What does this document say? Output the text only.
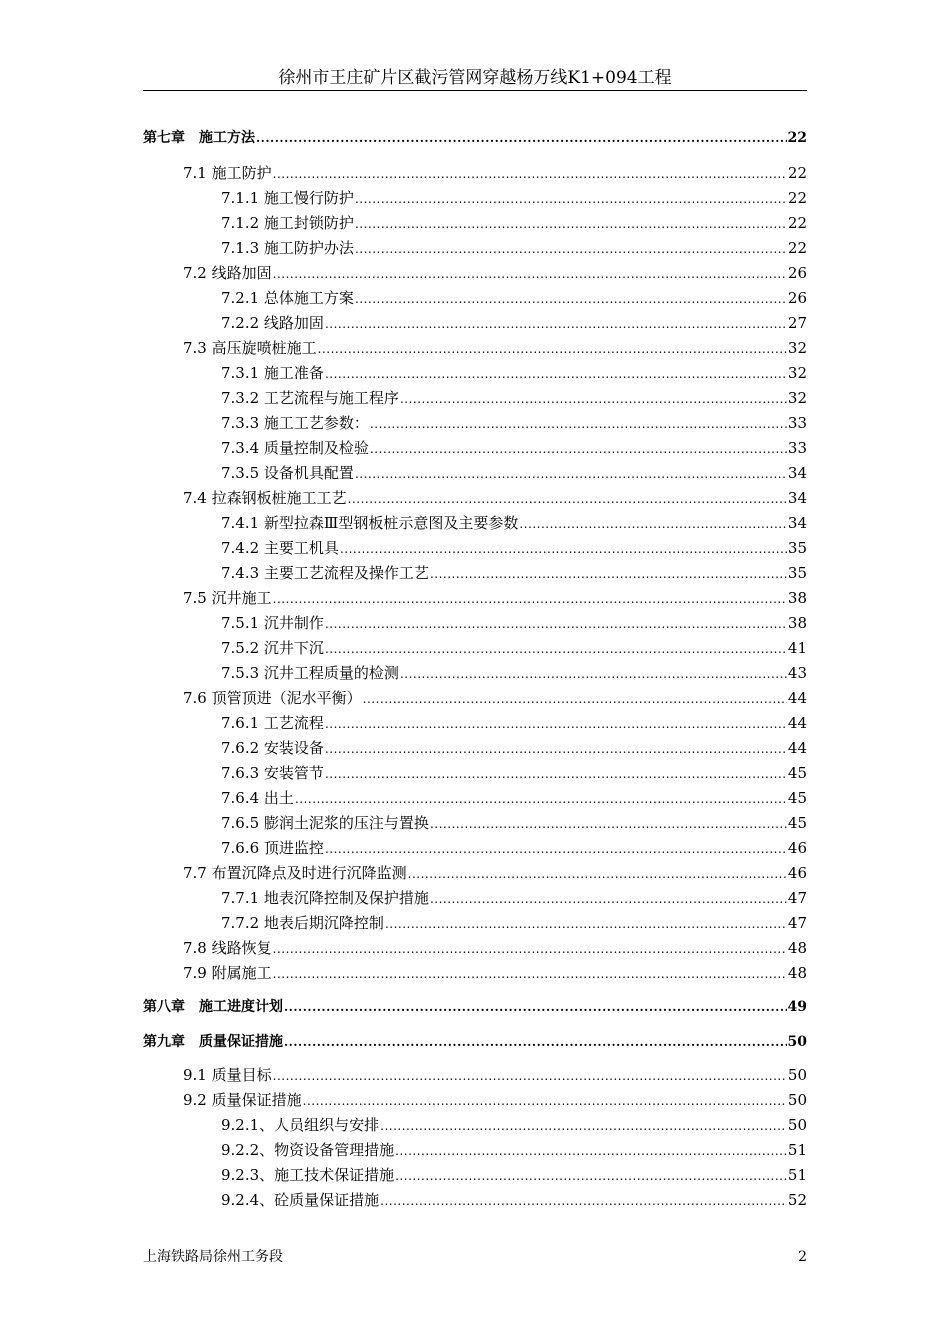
徐州市王庄矿片区截污管网穿越杨万线K1+094工程
第七章　施工方法 .....	22
7.1 施工防护 .....	22
7.1.1 施工慢行防护 .....	22
7.1.2 施工封锁防护 .....	22
7.1.3 施工防护办法 .....	22
7.2 线路加固 .....	26
7.2.1 总体施工方案 .....	26
7.2.2 线路加固 .....	27
7.3 高压旋喷桩施工 .....	32
7.3.1 施工准备 .....	32
7.3.2 工艺流程与施工程序 .....	32
7.3.3 施工工艺参数： .....	33
7.3.4 质量控制及检验 .....	33
7.3.5 设备机具配置 .....	34
7.4 拉森钢板桩施工工艺 .....	34
7.4.1 新型拉森Ⅲ型钢板桩示意图及主要参数 .....	34
7.4.2 主要工机具 .....	35
7.4.3 主要工艺流程及操作工艺 .....	35
7.5 沉井施工 .....	38
7.5.1 沉井制作 .....	38
7.5.2 沉井下沉 .....	41
7.5.3 沉井工程质量的检测 .....	43
7.6 顶管顶进（泥水平衡） .....	44
7.6.1 工艺流程 .....	44
7.6.2 安装设备 .....	44
7.6.3 安装管节 .....	45
7.6.4 出土 .....	45
7.6.5 膨润土泥浆的压注与置换 .....	45
7.6.6 顶进监控 .....	46
7.7 布置沉降点及时进行沉降监测 .....	46
7.7.1 地表沉降控制及保护措施 .....	47
7.7.2 地表后期沉降控制 .....	47
7.8 线路恢复 .....	48
7.9 附属施工 .....	48
第八章　施工进度计划 .....	49
第九章　质量保证措施 .....	50
9.1 质量目标 .....	50
9.2 质量保证措施 .....	50
9.2.1、人员组织与安排 .....	50
9.2.2、物资设备管理措施 .....	51
9.2.3、施工技术保证措施 .....	51
9.2.4、砼质量保证措施 .....	52
上海铁路局徐州工务段	2
